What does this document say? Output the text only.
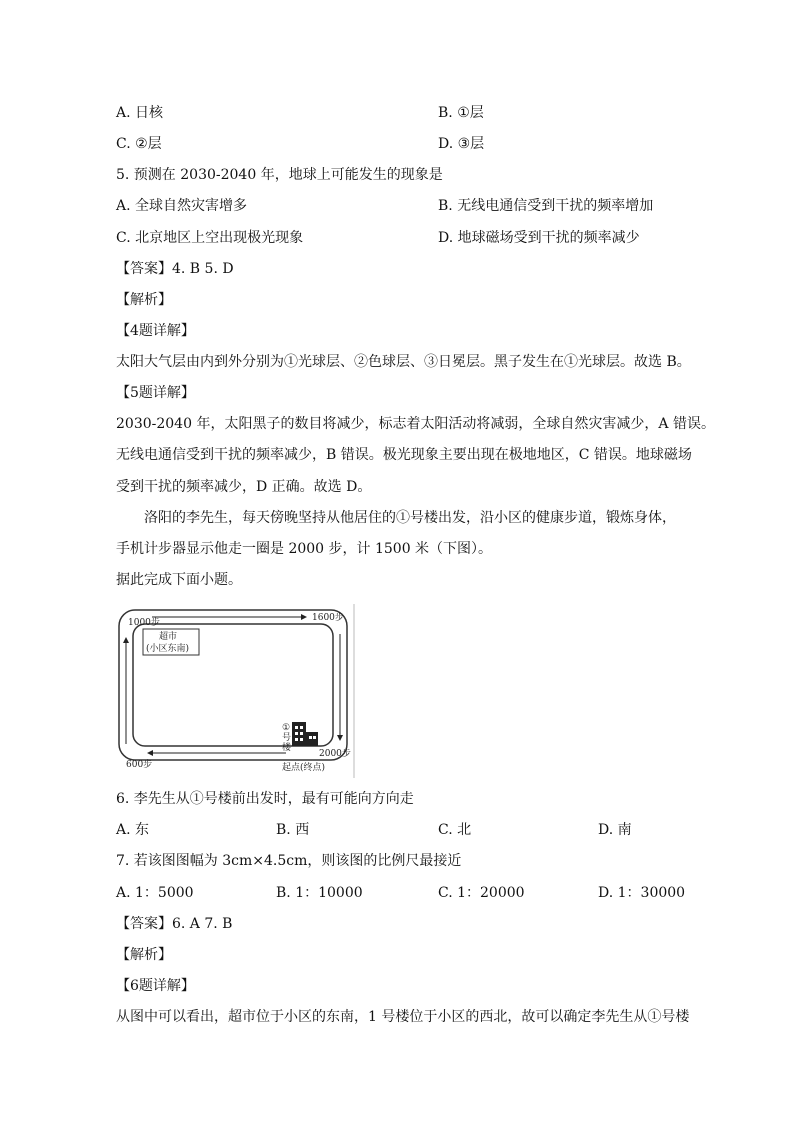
A. 日核	B. ①层
C. ②层	D. ③层
5. 预测在 2030-2040 年，地球上可能发生的现象是
A. 全球自然灾害增多	B. 无线电通信受到干扰的频率增加
C. 北京地区上空出现极光现象	D. 地球磁场受到干扰的频率减少
【答案】4. B 5. D
【解析】
【4题详解】
太阳大气层由内到外分别为①光球层、②色球层、③日冕层。黑子发生在①光球层。故选 B。
【5题详解】
2030-2040 年，太阳黑子的数目将减少，标志着太阳活动将减弱，全球自然灾害减少，A 错误。
无线电通信受到干扰的频率减少，B 错误。极光现象主要出现在极地地区，C 错误。地球磁场
受到干扰的频率减少，D 正确。故选 D。
洛阳的李先生，每天傍晚坚持从他居住的①号楼出发，沿小区的健康步道，锻炼身体，
手机计步器显示他走一圈是 2000 步，计 1500 米（下图）。
据此完成下面小题。
1000步	1600步
600步
2000步
超市
(小区东南)
①
号
楼
起点(终点)
6. 李先生从①号楼前出发时，最有可能向方向走
A. 东	B. 西	C. 北	D. 南
7. 若该图图幅为 3cm×4.5cm，则该图的比例尺最接近
A. 1：5000	B. 1：10000	C. 1：20000	D. 1：30000
【答案】6. A 7. B
【解析】
【6题详解】
从图中可以看出，超市位于小区的东南，1 号楼位于小区的西北，故可以确定李先生从①号楼
